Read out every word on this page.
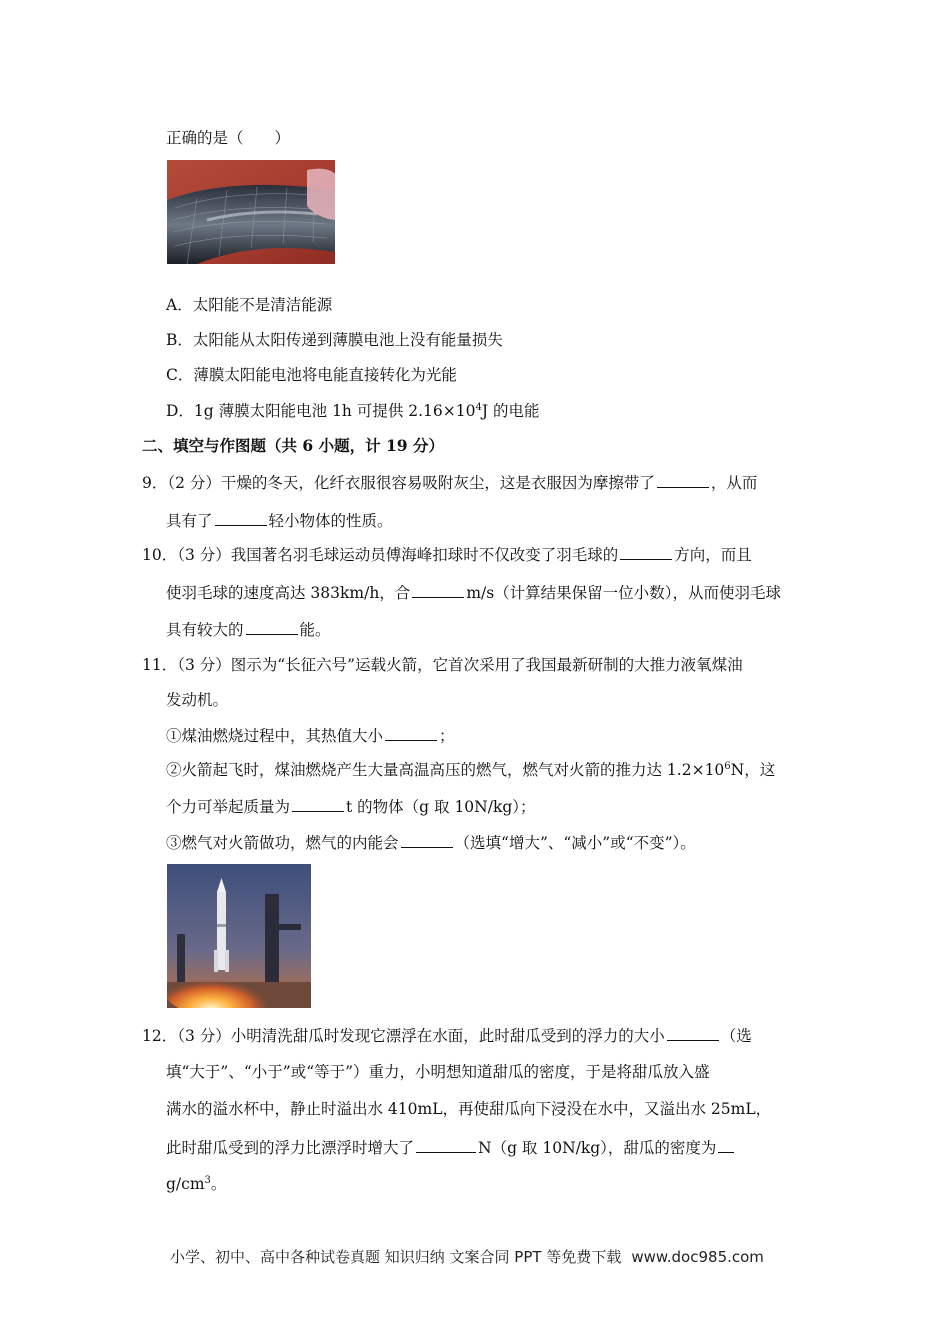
正确的是（　　）
A．太阳能不是清洁能源
B．太阳能从太阳传递到薄膜电池上没有能量损失
C．薄膜太阳能电池将电能直接转化为光能
D．1g 薄膜太阳能电池 1h 可提供 $2.16\times 10^4J$ 的电能
二、填空与作图题（共 6 小题，计 19 分）
9．（2 分）干燥的冬天，化纤衣服很容易吸附灰尘，这是衣服因为摩擦带了	，从而
具有了	轻小物体的性质。
10．（3 分）我国著名羽毛球运动员傅海峰扣球时不仅改变了羽毛球的	方向，而且
使羽毛球的速度高达 383km/h，合	m/s（计算结果保留一位小数），从而使羽毛球
具有较大的	能。
11．（3 分）图示为“长征六号”运载火箭，它首次采用了我国最新研制的大推力液氧煤油
发动机。
①煤油燃烧过程中，其热值大小	；
②火箭起飞时，煤油燃烧产生大量高温高压的燃气，燃气对火箭的推力达 $1.2\times 10^6N$，这
个力可举起质量为	t 的物体（g 取 10N/kg）；
③燃气对火箭做功，燃气的内能会	（选填“增大”、“减小”或“不变”）。
12．（3 分）小明清洗甜瓜时发现它漂浮在水面，此时甜瓜受到的浮力的大小	（选
填“大于”、“小于”或“等于”）重力，小明想知道甜瓜的密度，于是将甜瓜放入盛
满水的溢水杯中，静止时溢出水 410mL，再使甜瓜向下浸没在水中，又溢出水 25mL，
此时甜瓜受到的浮力比漂浮时增大了	N（g 取 10N/kg），甜瓜的密度为
$g/cm^3$。
小学、初中、高中各种试卷真题 知识归纳 文案合同 PPT 等免费下载 www.doc985.com
